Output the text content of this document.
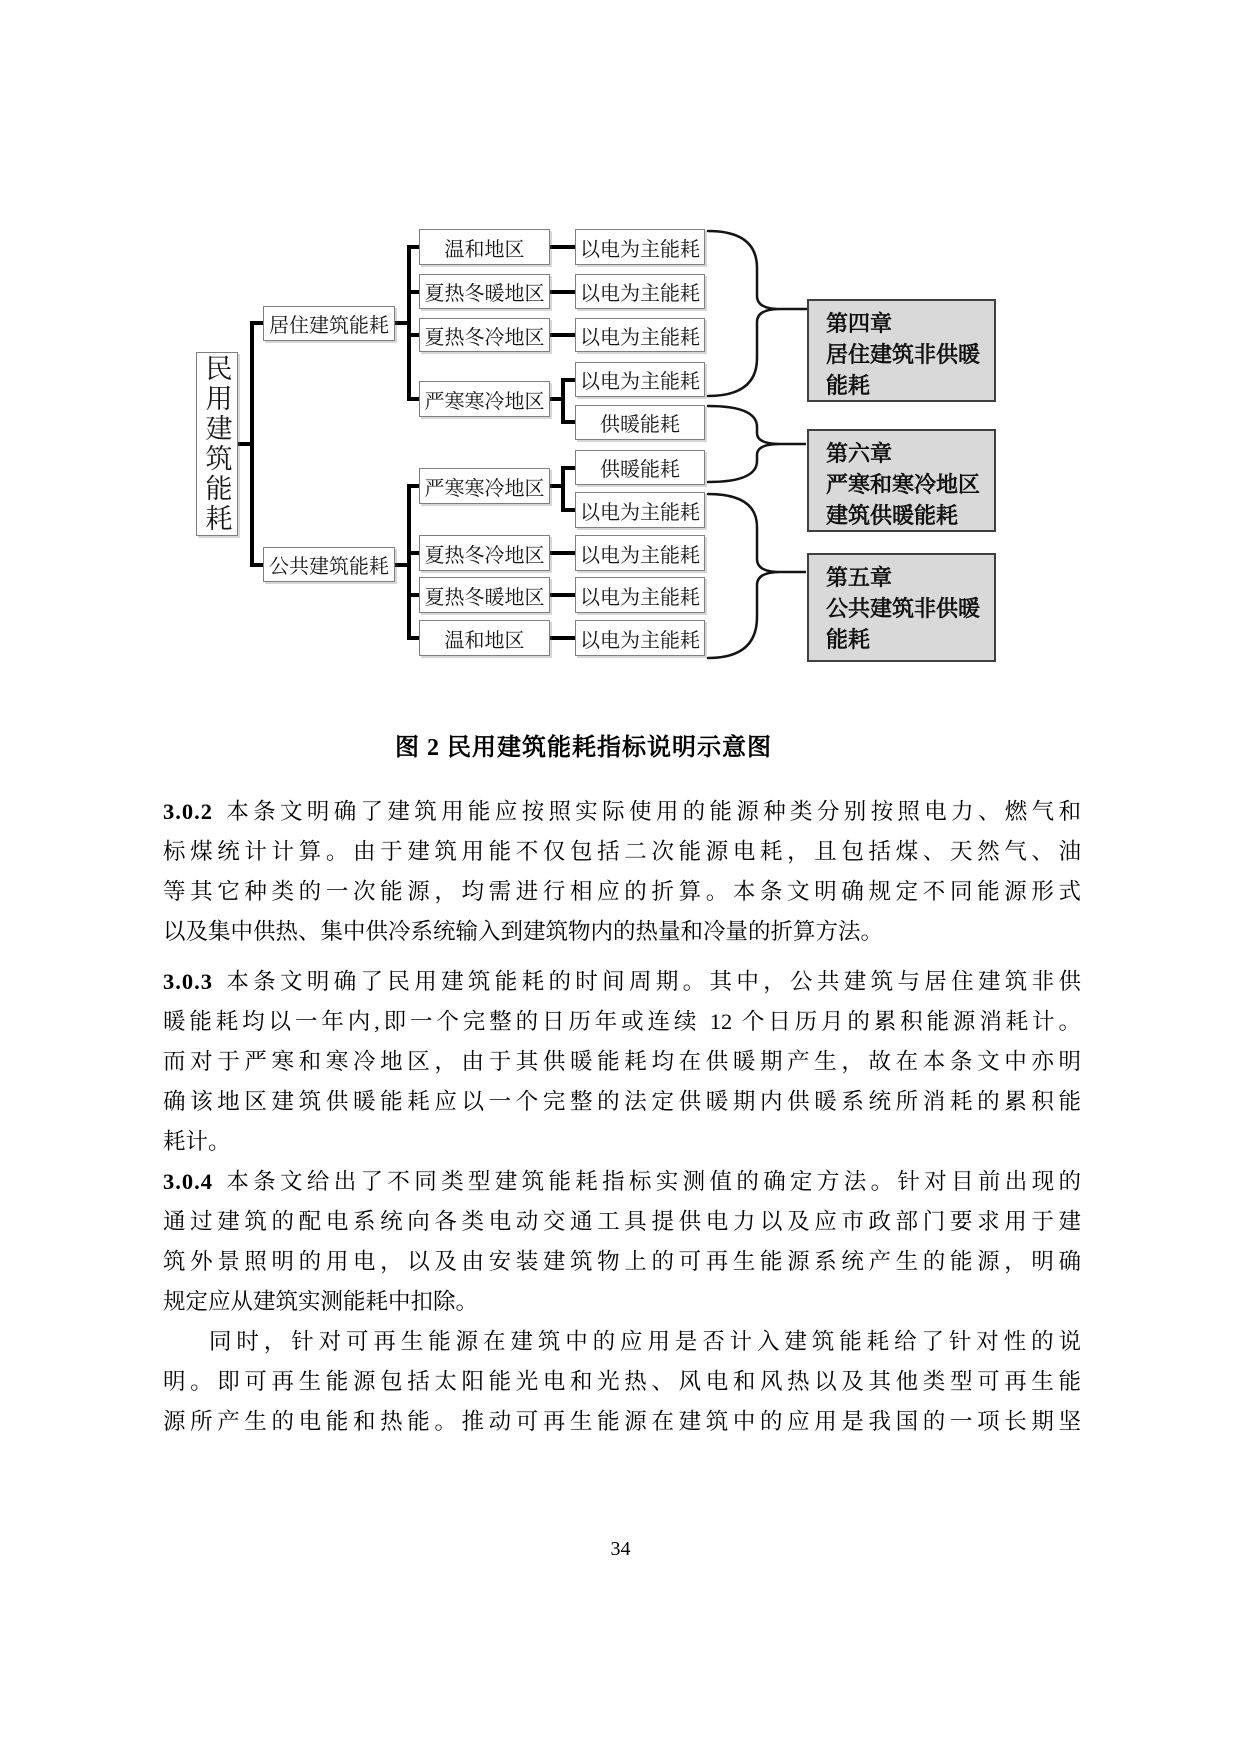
民用建筑能耗
居住建筑能耗
公共建筑能耗
温和地区
夏热冬暖地区
夏热冬冷地区
严寒寒冷地区
严寒寒冷地区
夏热冬冷地区
夏热冬暖地区
温和地区
以电为主能耗
以电为主能耗
以电为主能耗
以电为主能耗
供暖能耗
供暖能耗
以电为主能耗
以电为主能耗
以电为主能耗
以电为主能耗
第四章
居住建筑非供暖
能耗
第六章
严寒和寒冷地区
建筑供暖能耗
第五章
公共建筑非供暖
能耗
图 2 民用建筑能耗指标说明示意图
3.0.2 本条文明确了建筑用能应按照实际使用的能源种类分别按照电力、燃气和
标煤统计计算。由于建筑用能不仅包括二次能源电耗，且包括煤、天然气、油
等其它种类的一次能源，均需进行相应的折算。本条文明确规定不同能源形式
以及集中供热、集中供冷系统输入到建筑物内的热量和冷量的折算方法。
3.0.3 本条文明确了民用建筑能耗的时间周期。其中，公共建筑与居住建筑非供
暖能耗均以一年内,即一个完整的日历年或连续 12 个日历月的累积能源消耗计。
而对于严寒和寒冷地区，由于其供暖能耗均在供暖期产生，故在本条文中亦明
确该地区建筑供暖能耗应以一个完整的法定供暖期内供暖系统所消耗的累积能
耗计。
3.0.4 本条文给出了不同类型建筑能耗指标实测值的确定方法。针对目前出现的
通过建筑的配电系统向各类电动交通工具提供电力以及应市政部门要求用于建
筑外景照明的用电，以及由安装建筑物上的可再生能源系统产生的能源，明确
规定应从建筑实测能耗中扣除。
同时，针对可再生能源在建筑中的应用是否计入建筑能耗给了针对性的说
明。即可再生能源包括太阳能光电和光热、风电和风热以及其他类型可再生能
源所产生的电能和热能。推动可再生能源在建筑中的应用是我国的一项长期坚
34
